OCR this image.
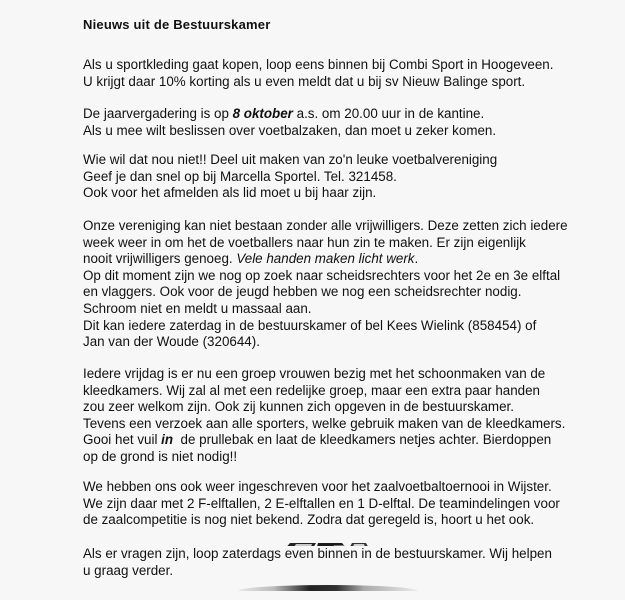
Nieuws uit de Bestuurskamer
Als u sportkleding gaat kopen, loop eens binnen bij Combi Sport in Hoogeveen.
U krijgt daar 10% korting als u even meldt dat u bij sv Nieuw Balinge sport.
De jaarvergadering is op 8 oktober a.s. om 20.00 uur in de kantine.
Als u mee wilt beslissen over voetbalzaken, dan moet u zeker komen.
Wie wil dat nou niet!! Deel uit maken van zo'n leuke voetbalvereniging
Geef je dan snel op bij Marcella Sportel. Tel. 321458.
Ook voor het afmelden als lid moet u bij haar zijn.
Onze vereniging kan niet bestaan zonder alle vrijwilligers. Deze zetten zich iedere
week weer in om het de voetballers naar hun zin te maken. Er zijn eigenlijk
nooit vrijwilligers genoeg. Vele handen maken licht werk.
Op dit moment zijn we nog op zoek naar scheidsrechters voor het 2e en 3e elftal
en vlaggers. Ook voor de jeugd hebben we nog een scheidsrechter nodig.
Schroom niet en meldt u massaal aan.
Dit kan iedere zaterdag in de bestuurskamer of bel Kees Wielink (858454) of
Jan van der Woude (320644).
Iedere vrijdag is er nu een groep vrouwen bezig met het schoonmaken van de
kleedkamers. Wij zal al met een redelijke groep, maar een extra paar handen
zou zeer welkom zijn. Ook zij kunnen zich opgeven in de bestuurskamer.
Tevens een verzoek aan alle sporters, welke gebruik maken van de kleedkamers.
Gooi het vuil in  de prullebak en laat de kleedkamers netjes achter. Bierdoppen
op de grond is niet nodig!!
We hebben ons ook weer ingeschreven voor het zaalvoetbaltoernooi in Wijster.
We zijn daar met 2 F-elftallen, 2 E-elftallen en 1 D-elftal. De teamindelingen voor
de zaalcompetitie is nog niet bekend. Zodra dat geregeld is, hoort u het ook.
Als er vragen zijn, loop zaterdags even binnen in de bestuurskamer. Wij helpen
u graag verder.
